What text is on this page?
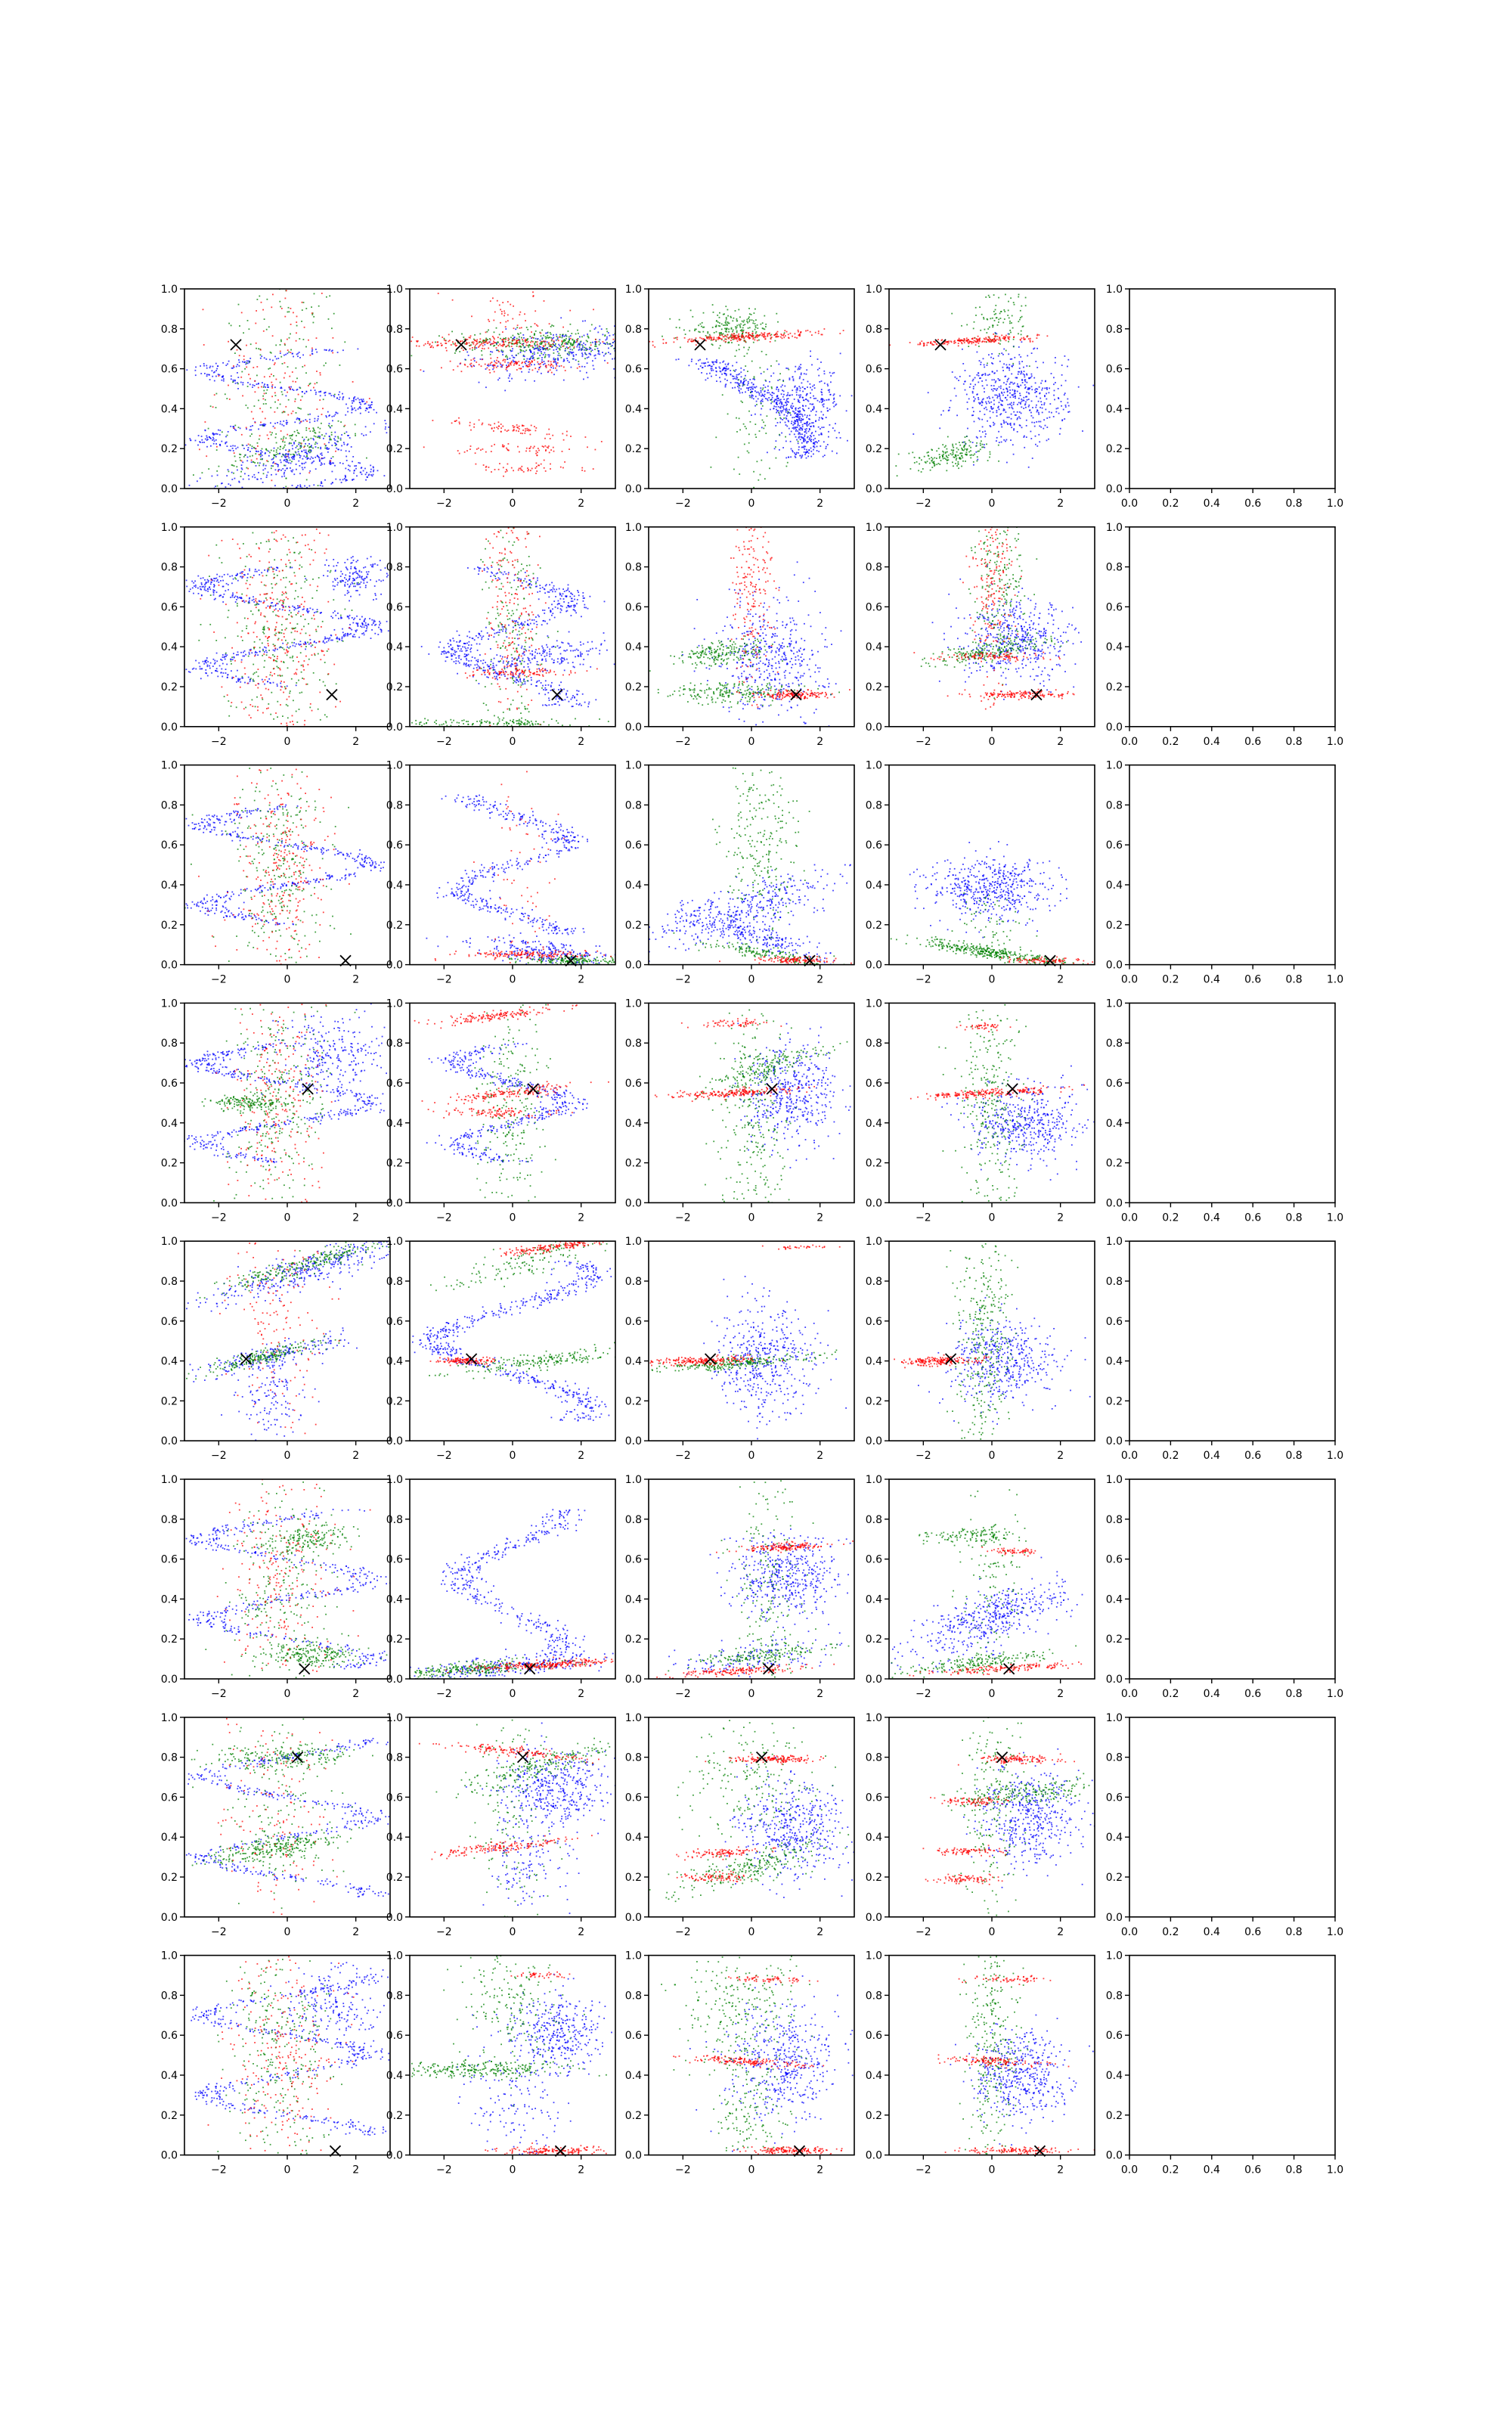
−2	0	2
0.0
0.2
0.4
0.6
0.8
1.0
−2	0	2
0.0
0.2
0.4
0.6
0.8
1.0
−2	0	2
0.0
0.2
0.4
0.6
0.8
1.0
−2	0	2
0.0
0.2
0.4
0.6
0.8
1.0
0.0 0.2 0.4 0.6 0.8 1.0
0.0
0.2
0.4
0.6
0.8
1.0
−2	0	2
0.0
0.2
0.4
0.6
0.8
1.0
−2	0	2
0.0
0.2
0.4
0.6
0.8
1.0
−2	0	2
0.0
0.2
0.4
0.6
0.8
1.0
−2	0	2
0.0
0.2
0.4
0.6
0.8
1.0
0.0 0.2 0.4 0.6 0.8 1.0
0.0
0.2
0.4
0.6
0.8
1.0
−2	0	2
0.0
0.2
0.4
0.6
0.8
1.0
−2	0	2
0.0
0.2
0.4
0.6
0.8
1.0
−2	0	2
0.0
0.2
0.4
0.6
0.8
1.0
−2	0	2
0.0
0.2
0.4
0.6
0.8
1.0
0.0 0.2 0.4 0.6 0.8 1.0
0.0
0.2
0.4
0.6
0.8
1.0
−2	0	2
0.0
0.2
0.4
0.6
0.8
1.0
−2	0	2
0.0
0.2
0.4
0.6
0.8
1.0
−2	0	2
0.0
0.2
0.4
0.6
0.8
1.0
−2	0	2
0.0
0.2
0.4
0.6
0.8
1.0
0.0 0.2 0.4 0.6 0.8 1.0
0.0
0.2
0.4
0.6
0.8
1.0
−2	0	2
0.0
0.2
0.4
0.6
0.8
1.0
−2	0	2
0.0
0.2
0.4
0.6
0.8
1.0
−2	0	2
0.0
0.2
0.4
0.6
0.8
1.0
−2	0	2
0.0
0.2
0.4
0.6
0.8
1.0
0.0 0.2 0.4 0.6 0.8 1.0
0.0
0.2
0.4
0.6
0.8
1.0
−2	0	2
0.0
0.2
0.4
0.6
0.8
1.0
−2	0	2
0.0
0.2
0.4
0.6
0.8
1.0
−2	0	2
0.0
0.2
0.4
0.6
0.8
1.0
−2	0	2
0.0
0.2
0.4
0.6
0.8
1.0
0.0 0.2 0.4 0.6 0.8 1.0
0.0
0.2
0.4
0.6
0.8
1.0
−2	0	2
0.0
0.2
0.4
0.6
0.8
1.0
−2	0	2
0.0
0.2
0.4
0.6
0.8
1.0
−2	0	2
0.0
0.2
0.4
0.6
0.8
1.0
−2	0	2
0.0
0.2
0.4
0.6
0.8
1.0
0.0 0.2 0.4 0.6 0.8 1.0
0.0
0.2
0.4
0.6
0.8
1.0
−2	0	2
0.0
0.2
0.4
0.6
0.8
1.0
−2	0	2
0.0
0.2
0.4
0.6
0.8
1.0
−2	0	2
0.0
0.2
0.4
0.6
0.8
1.0
−2	0	2
0.0
0.2
0.4
0.6
0.8
1.0
0.0 0.2 0.4 0.6 0.8 1.0
0.0
0.2
0.4
0.6
0.8
1.0
